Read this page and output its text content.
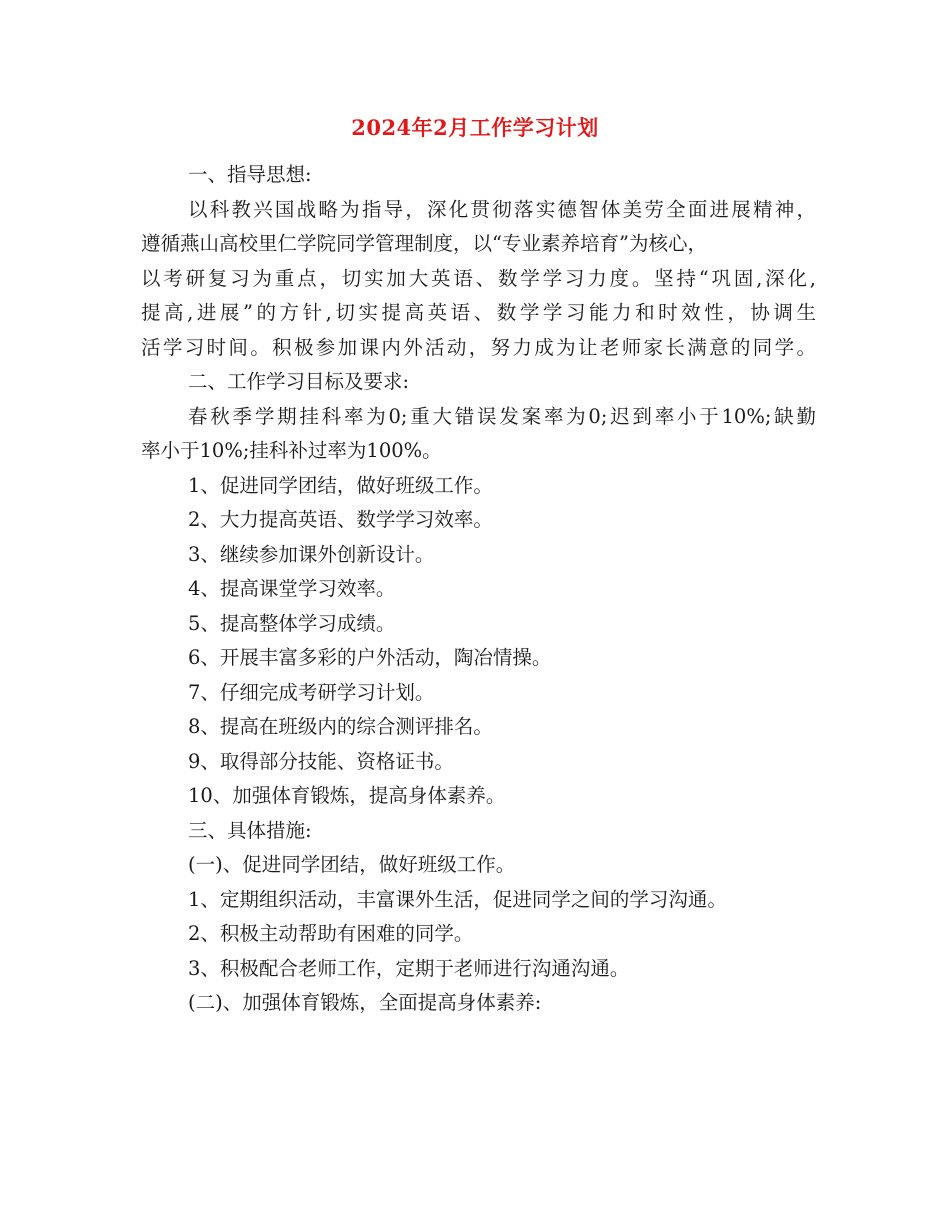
2024年2月工作学习计划
一、指导思想:
以科教兴国战略为指导，深化贯彻落实德智体美劳全面进展精神，
遵循燕山高校里仁学院同学管理制度，以“专业素养培育”为核心，
以考研复习为重点，切实加大英语、数学学习力度。坚持“巩固,深化,
提高,进展”的方针,切实提高英语、数学学习能力和时效性，协调生
活学习时间。积极参加课内外活动，努力成为让老师家长满意的同学。
二、工作学习目标及要求:
春秋季学期挂科率为0;重大错误发案率为0;迟到率小于10%;缺勤
率小于10%;挂科补过率为100%。
1、促进同学团结，做好班级工作。
2、大力提高英语、数学学习效率。
3、继续参加课外创新设计。
4、提高课堂学习效率。
5、提高整体学习成绩。
6、开展丰富多彩的户外活动，陶冶情操。
7、仔细完成考研学习计划。
8、提高在班级内的综合测评排名。
9、取得部分技能、资格证书。
10、加强体育锻炼，提高身体素养。
三、具体措施:
(一)、促进同学团结，做好班级工作。
1、定期组织活动，丰富课外生活，促进同学之间的学习沟通。
2、积极主动帮助有困难的同学。
3、积极配合老师工作，定期于老师进行沟通沟通。
(二)、加强体育锻炼，全面提高身体素养:
